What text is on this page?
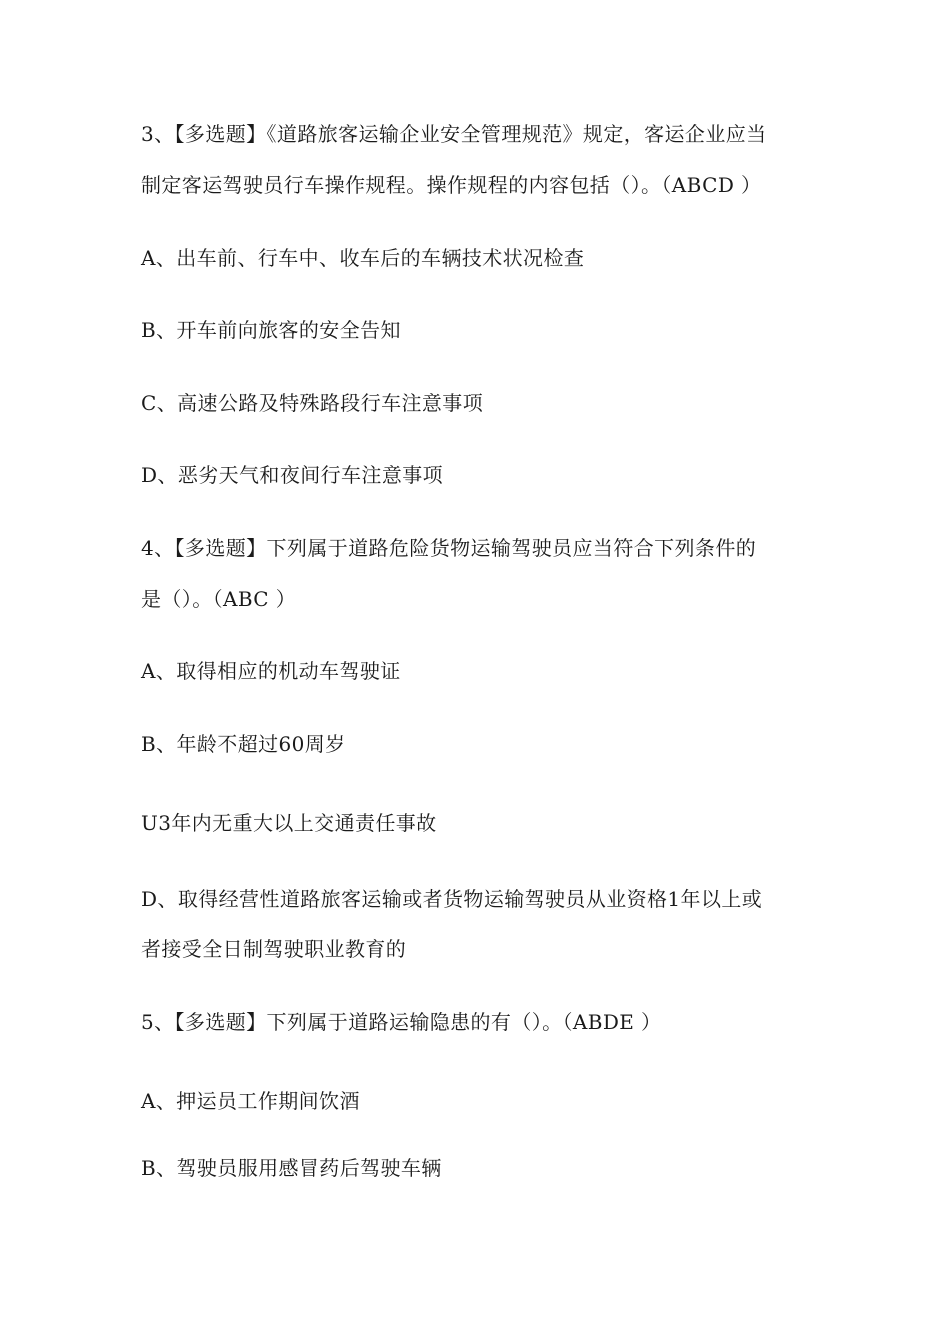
3、【多选题】《道路旅客运输企业安全管理规范》规定，客运企业应当
制定客运驾驶员行车操作规程。操作规程的内容包括（）。（ABCD ）
A、出车前、行车中、收车后的车辆技术状况检查
B、开车前向旅客的安全告知
C、高速公路及特殊路段行车注意事项
D、恶劣天气和夜间行车注意事项
4、【多选题】下列属于道路危险货物运输驾驶员应当符合下列条件的
是（）。（ABC ）
A、取得相应的机动车驾驶证
B、年龄不超过60周岁
U3年内无重大以上交通责任事故
D、取得经营性道路旅客运输或者货物运输驾驶员从业资格1年以上或
者接受全日制驾驶职业教育的
5、【多选题】下列属于道路运输隐患的有（）。（ABDE ）
A、押运员工作期间饮酒
B、驾驶员服用感冒药后驾驶车辆
